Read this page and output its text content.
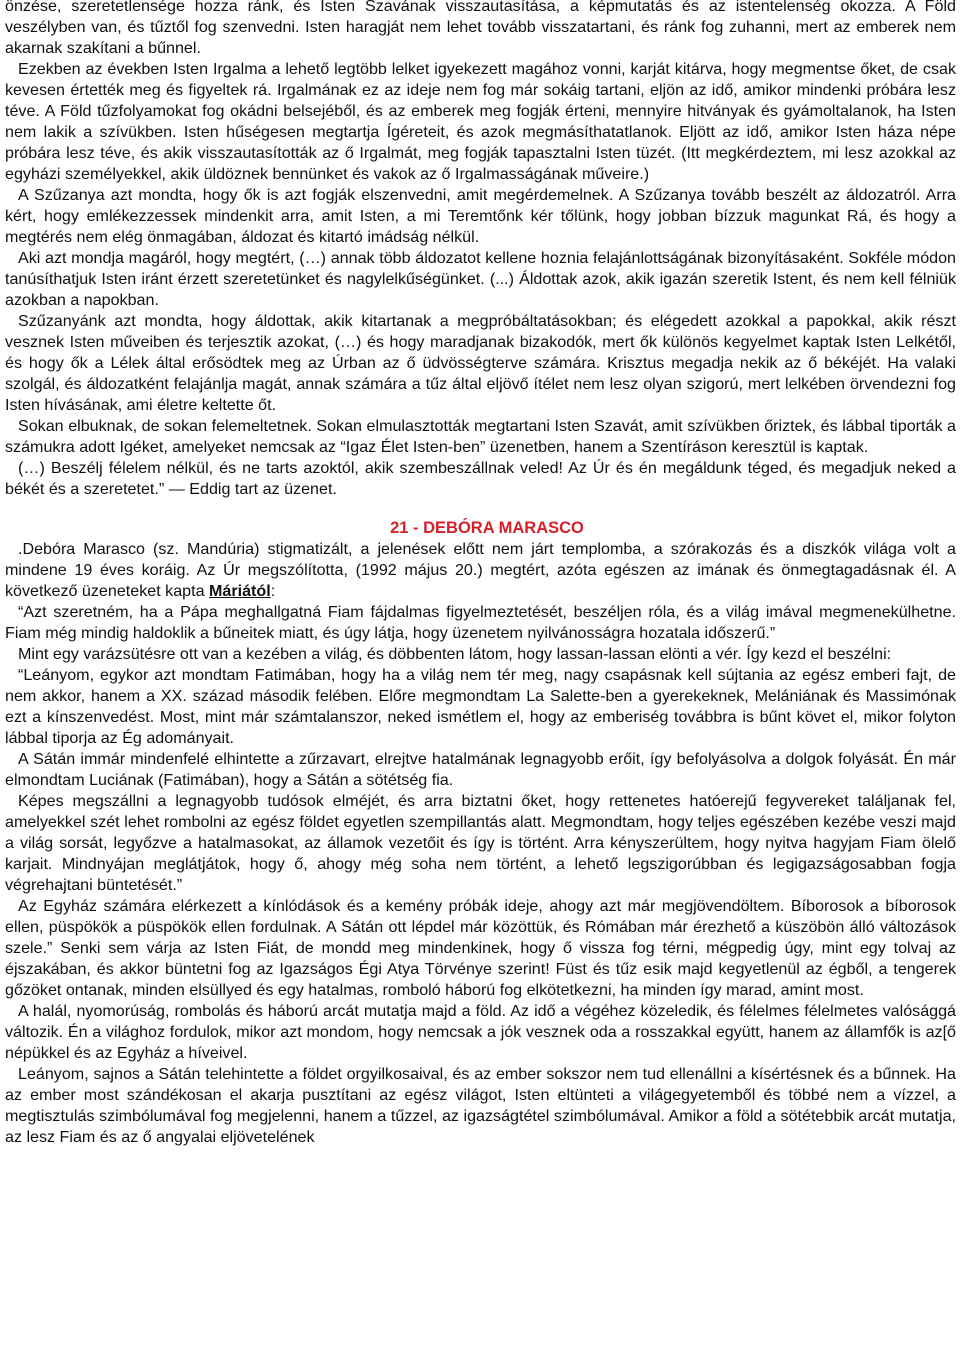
önzése, szeretetlensége hozza ránk, és Isten Szavának visszautasítása, a képmutatás és az istentelenség okozza. A Föld veszélyben van, és tűztől fog szenvedni. Isten haragját nem lehet tovább visszatartani, és ránk fog zuhanni, mert az emberek nem akarnak szakítani a bűnnel.

Ezekben az években Isten Irgalma a lehető legtöbb lelket igyekezett magához vonni, karját kitárva, hogy megmentse őket, de csak kevesen értették meg és figyeltek rá. Irgalmának ez az ideje nem fog már sokáig tartani, eljön az idő, amikor mindenki próbára lesz téve. A Föld tűzfolyamokat fog okádni belsejéből, és az emberek meg fogják érteni, mennyire hitványak és gyámoltalanok, ha Isten nem lakik a szívükben. Isten hűségesen megtartja Ígéreteit, és azok megmásíthatatlanok. Eljött az idő, amikor Isten háza népe próbára lesz téve, és akik visszautasították az ő Irgalmát, meg fogják tapasztalni Isten tüzét. (Itt megkérdeztem, mi lesz azokkal az egyházi személyekkel, akik üldöznek bennünket és vakok az ő Irgalmasságának műveire.)

A Szűzanya azt mondta, hogy ők is azt fogják elszenvedni, amit megérdemelnek. A Szűzanya tovább beszélt az áldozatról. Arra kért, hogy emlékezzessek mindenkit arra, amit Isten, a mi Teremtőnk kér tőlünk, hogy jobban bízzuk magunkat Rá, és hogy a megtérés nem elég önmagában, áldozat és kitartó imádság nélkül.

Aki azt mondja magáról, hogy megtért, (…) annak több áldozatot kellene hoznia felajánlottságának bizonyításaként. Sokféle módon tanúsíthatjuk Isten iránt érzett szeretetünket és nagylelkűségünket. (...) Áldottak azok, akik igazán szeretik Istent, és nem kell félniük azokban a napokban.

Szűzanyánk azt mondta, hogy áldottak, akik kitartanak a megpróbáltatásokban; és elégedett azokkal a papokkal, akik részt vesznek Isten műveiben és terjesztik azokat, (…) és hogy maradjanak bizakodók, mert ők különös kegyelmet kaptak Isten Lelkétől, és hogy ők a Lélek által erősödtek meg az Úrban az ő üdvösségterve számára. Krisztus megadja nekik az ő békéjét. Ha valaki szolgál, és áldozatként felajánlja magát, annak számára a tűz által eljövő ítélet nem lesz olyan szigorú, mert lelkében örvendezni fog Isten hívásának, ami életre keltette őt.

Sokan elbuknak, de sokan felemeltetnek. Sokan elmulasztották megtartani Isten Szavát, amit szívükben őriztek, és lábbal tiporták a számukra adott Igéket, amelyeket nemcsak az “Igaz Élet Isten-ben” üzenetben, hanem a Szentíráson keresztül is kaptak.

(…) Beszélj félelem nélkül, és ne tarts azoktól, akik szembeszállnak veled! Az Úr és én megáldunk téged, és megadjuk neked a békét és a szeretetet.” — Eddig tart az üzenet.

21 - DEBÓRA MARASCO

.Debóra Marasco (sz. Mandúria) stigmatizált, a jelenések előtt nem járt templomba, a szórakozás és a diszkók világa volt a mindene 19 éves koráig. Az Úr megszólította, (1992 május 20.) megtért, azóta egészen az imának és önmegtagadásnak él. A következő üzeneteket kapta Máriától:

“Azt szeretném, ha a Pápa meghallgatná Fiam fájdalmas figyelmeztetését, beszéljen róla, és a világ imával megmenekülhetne. Fiam még mindig haldoklik a bűneitek miatt, és úgy látja, hogy üzenetem nyilvánosságra hozatala időszerű.”

Mint egy varázsütésre ott van a kezében a világ, és döbbenten látom, hogy lassan-lassan elönti a vér. Így kezd el beszélni:

“Leányom, egykor azt mondtam Fatimában, hogy ha a világ nem tér meg, nagy csapásnak kell sújtania az egész emberi fajt, de nem akkor, hanem a XX. század második felében. Előre megmondtam La Salette-ben a gyerekeknek, Melániának és Massimónak ezt a kínszenvedést. Most, mint már számtalanszor, neked ismétlem el, hogy az emberiség továbbra is bűnt követ el, mikor folyton lábbal tiporja az Ég adományait.

A Sátán immár mindenfelé elhintette a zűrzavart, elrejtve hatalmának legnagyobb erőit, így befolyásolva a dolgok folyását. Én már elmondtam Luciának (Fatimában), hogy a Sátán a sötétség fia.

Képes megszállni a legnagyobb tudósok elméjét, és arra biztatni őket, hogy rettenetes hatóerejű fegyvereket találjanak fel, amelyekkel szét lehet rombolni az egész földet egyetlen szempillantás alatt. Megmondtam, hogy teljes egészében kezébe veszi majd a világ sorsát, legyőzve a hatalmasokat, az államok vezetőit és így is történt. Arra kényszerültem, hogy nyitva hagyjam Fiam ölelő karjait. Mindnyájan meglátjátok, hogy ő, ahogy még soha nem történt, a lehető legszigorúbban és legigazságosabban fogja végrehajtani büntetését.”

Az Egyház számára elérkezett a kínlódások és a kemény próbák ideje, ahogy azt már megjövendöltem. Bíborosok a bíborosok ellen, püspökök a püspökök ellen fordulnak. A Sátán ott lépdel már közöttük, és Rómában már érezhető a küszöbön álló változások szele.” Senki sem várja az Isten Fiát, de mondd meg mindenkinek, hogy ő vissza fog térni, mégpedig úgy, mint egy tolvaj az éjszakában, és akkor büntetni fog az Igazságos Égi Atya Törvénye szerint! Füst és tűz esik majd kegyetlenül az égből, a tengerek gőzöket ontanak, minden elsüllyed és egy hatalmas, romboló háború fog elkötetkezni, ha minden így marad, amint most.

A halál, nyomorúság, rombolás és háború arcát mutatja majd a föld. Az idő a végéhez közeledik, és félelmes félelmetes valósággá változik. Én a világhoz fordulok, mikor azt mondom, hogy nemcsak a jók vesznek oda a rosszakkal együtt, hanem az államfők is az[ő népükkel és az Egyház a híveivel.

Leányom, sajnos a Sátán telehintette a földet orgyilkosaival, és az ember sokszor nem tud ellenállni a kísértésnek és a bűnnek. Ha az ember most szándékosan el akarja pusztítani az egész világot, Isten eltünteti a világegyetemből és többé nem a vízzel, a megtisztulás szimbólumával fog megjelenni, hanem a tűzzel, az igazságtétel szimbólumával. Amikor a föld a sötétebbik arcát mutatja, az lesz Fiam és az ő angyalai eljövetelének
